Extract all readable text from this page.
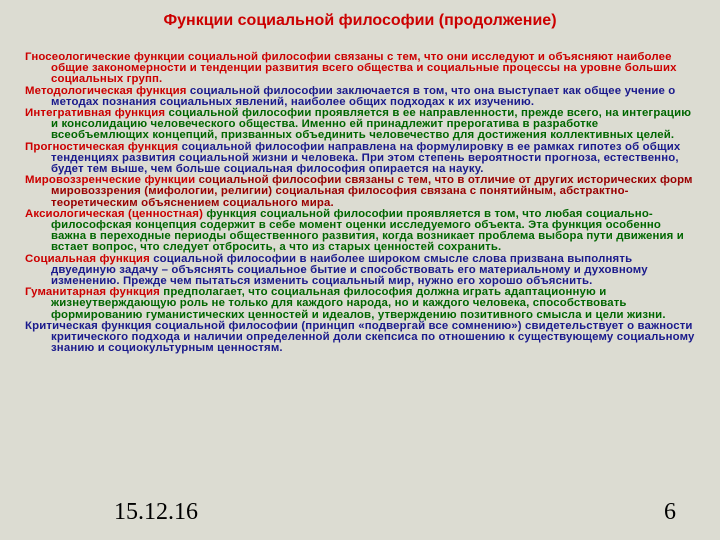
Функции социальной философии (продолжение)

Гносеологические функции социальной философии связаны с тем, что они исследуют и объясняют наиболее общие закономерности и тенденции развития всего общества и социальные процессы на уровне больших социальных групп.

Методологическая функция социальной философии заключается в том, что она выступает как общее учение о методах познания социальных явлений, наиболее общих подходах к их изучению.

Интегративная функция социальной философии проявляется в ее направленности, прежде всего, на интеграцию и консолидацию человеческого общества. Именно ей принадлежит прерогатива в разработке всеобъемлющих концепций, призванных объединить человечество для достижения коллективных целей.

Прогностическая функция социальной философии направлена на формулировку в ее рамках гипотез об общих тенденциях развития социальной жизни и человека. При этом степень вероятности прогноза, естественно, будет тем выше, чем больше социальная философия опирается на науку.

Мировоззренческие функции социальной философии связаны с тем, что в отличие от других исторических форм мировоззрения (мифологии, религии) социальная философия связана с понятийным, абстрактно-теоретическим объяснением социального мира.

Аксиологическая (ценностная) функция социальной философии проявляется в том, что любая социально-философская концепция содержит в себе момент оценки исследуемого объекта. Эта функция особенно важна в переходные периоды общественного развития, когда возникает проблема выбора пути движения и встает вопрос, что следует отбросить, а что из старых ценностей сохранить.

Социальная функция социальной философии в наиболее широком смысле слова призвана выполнять двуединую задачу – объяснять социальное бытие и способствовать его материальному и духовному изменению. Прежде чем пытаться изменить социальный мир, нужно его хорошо объяснить.

Гуманитарная функция предполагает, что социальная философия должна играть адаптационную и жизнеутверждающую роль не только для каждого народа, но и каждого человека, способствовать формированию гуманистических ценностей и идеалов, утверждению позитивного смысла и цели жизни.

Критическая функция социальной философии (принцип «подвергай все сомнению») свидетельствует о важности критического подхода и наличии определенной доли скепсиса по отношению к существующему социальному знанию и социокультурным ценностям.

15.12.16	6
